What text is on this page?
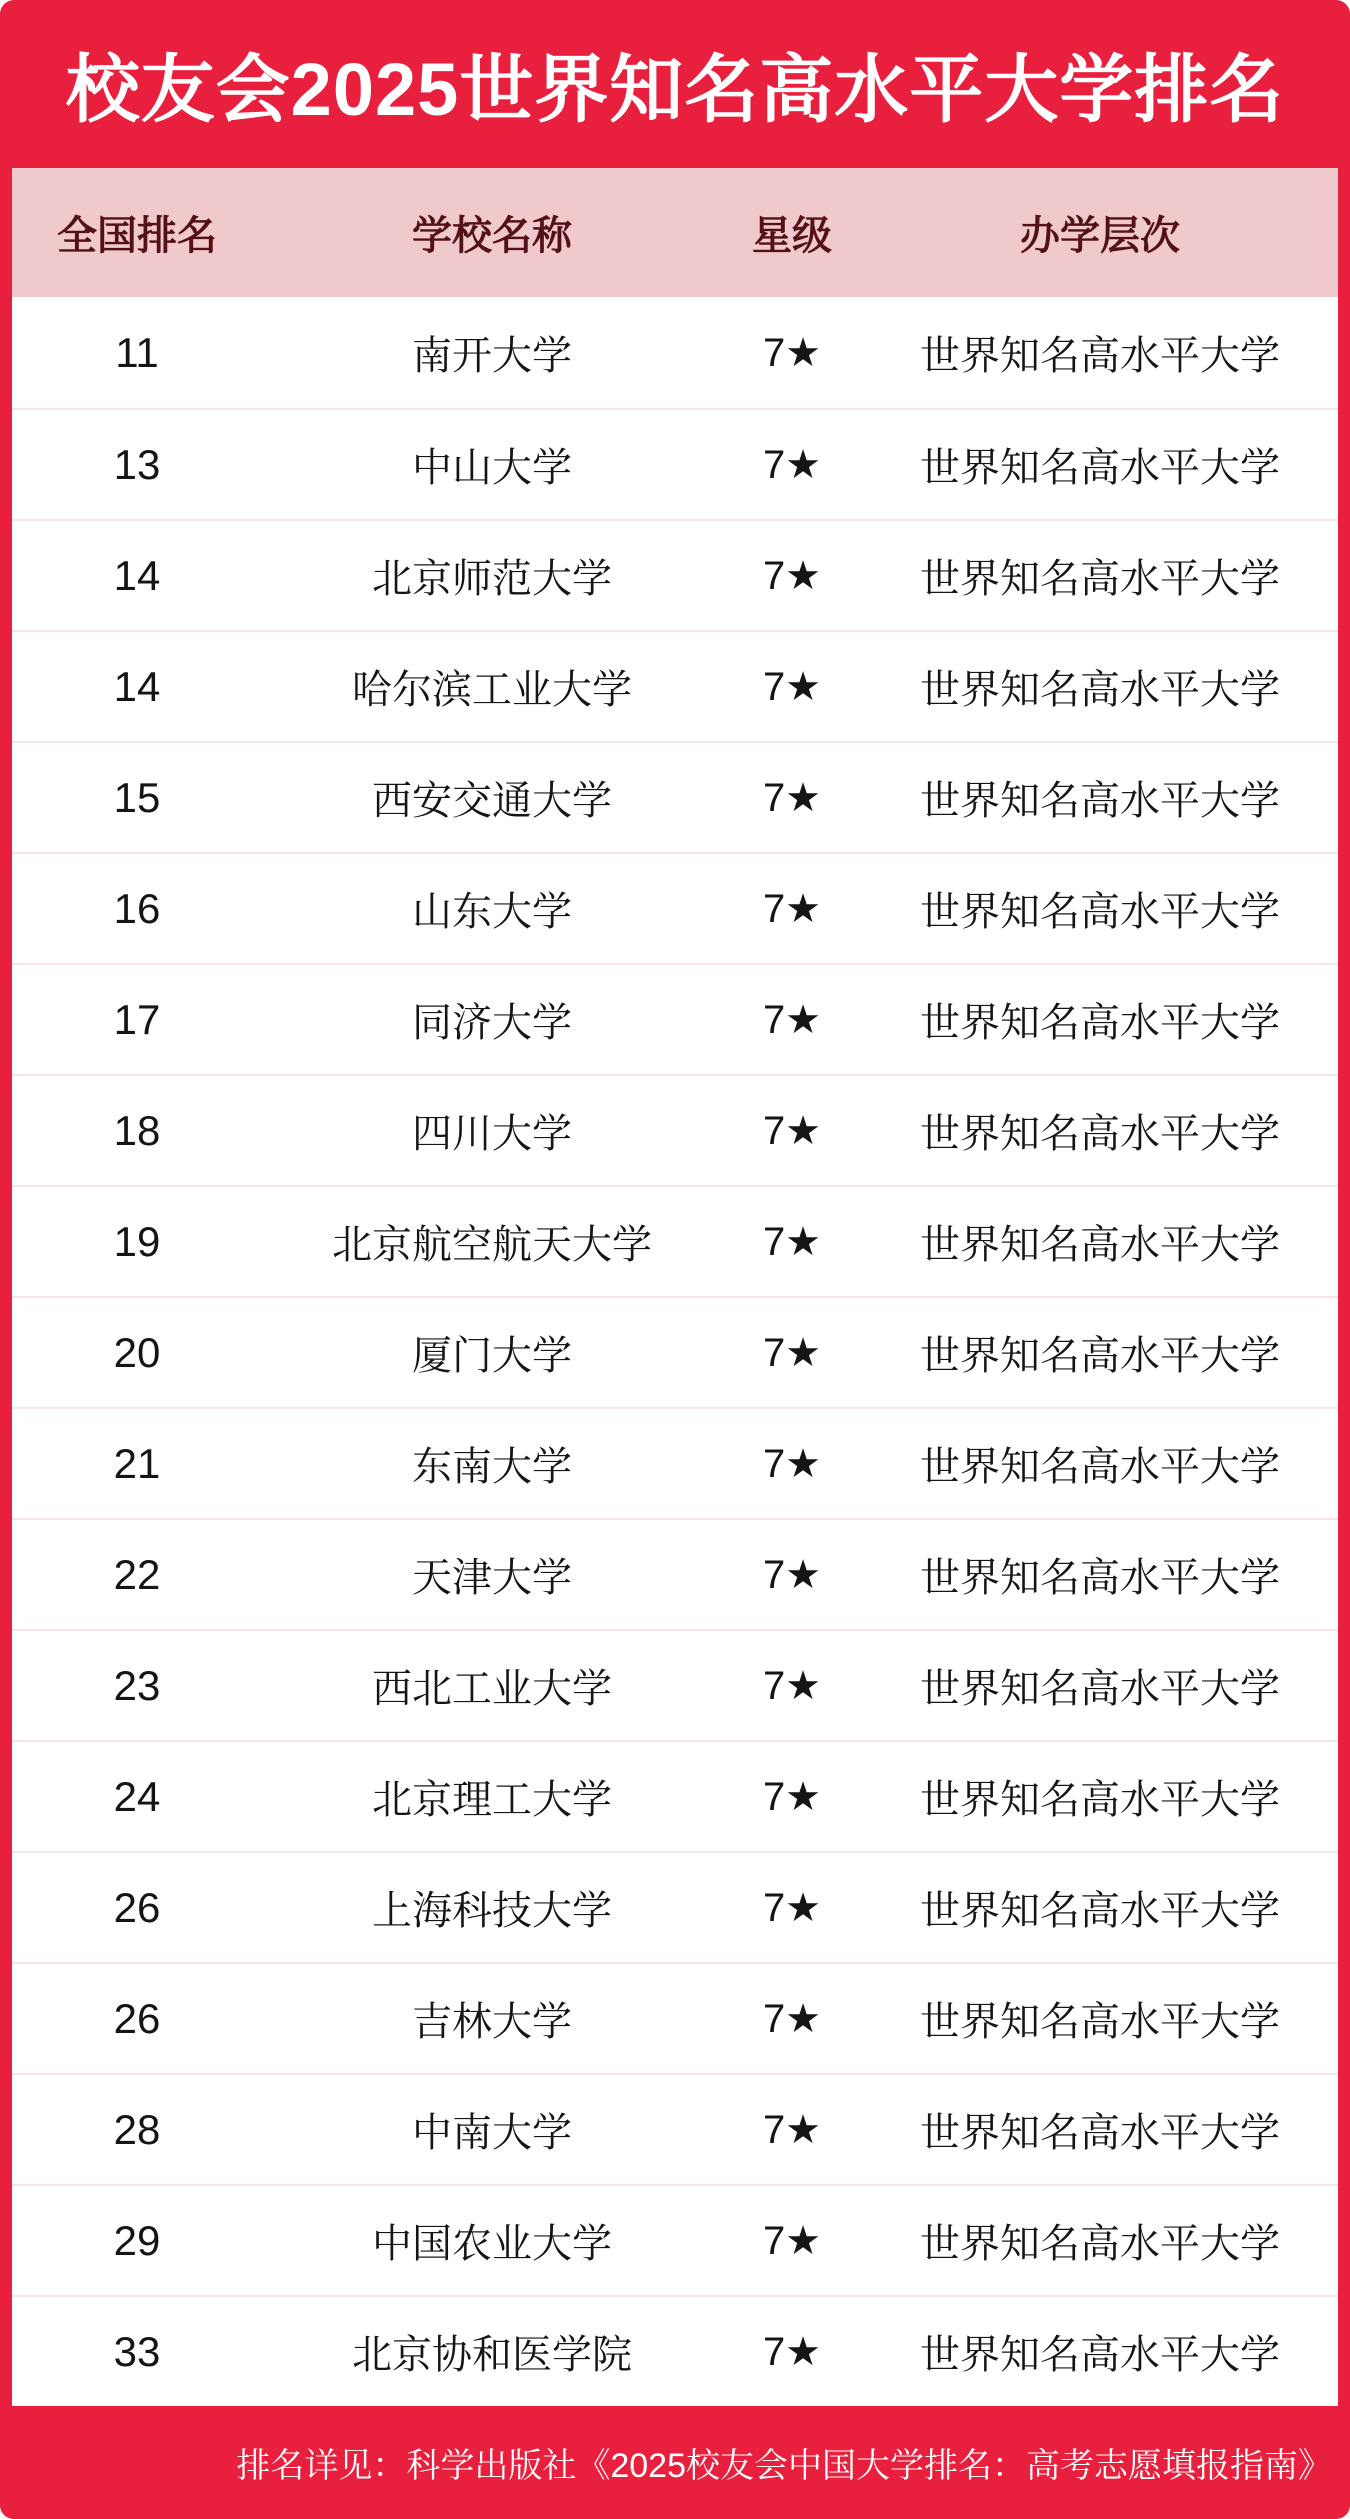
校友会2025世界知名高水平大学排名
全国排名	学校名称	星级	办学层次
11	南开大学	7★	世界知名高水平大学
13	中山大学	7★	世界知名高水平大学
14	北京师范大学	7★	世界知名高水平大学
14	哈尔滨工业大学	7★	世界知名高水平大学
15	西安交通大学	7★	世界知名高水平大学
16	山东大学	7★	世界知名高水平大学
17	同济大学	7★	世界知名高水平大学
18	四川大学	7★	世界知名高水平大学
19	北京航空航天大学	7★	世界知名高水平大学
20	厦门大学	7★	世界知名高水平大学
21	东南大学	7★	世界知名高水平大学
22	天津大学	7★	世界知名高水平大学
23	西北工业大学	7★	世界知名高水平大学
24	北京理工大学	7★	世界知名高水平大学
26	上海科技大学	7★	世界知名高水平大学
26	吉林大学	7★	世界知名高水平大学
28	中南大学	7★	世界知名高水平大学
29	中国农业大学	7★	世界知名高水平大学
33	北京协和医学院	7★	世界知名高水平大学
排名详见：科学出版社《2025校友会中国大学排名：高考志愿填报指南》
